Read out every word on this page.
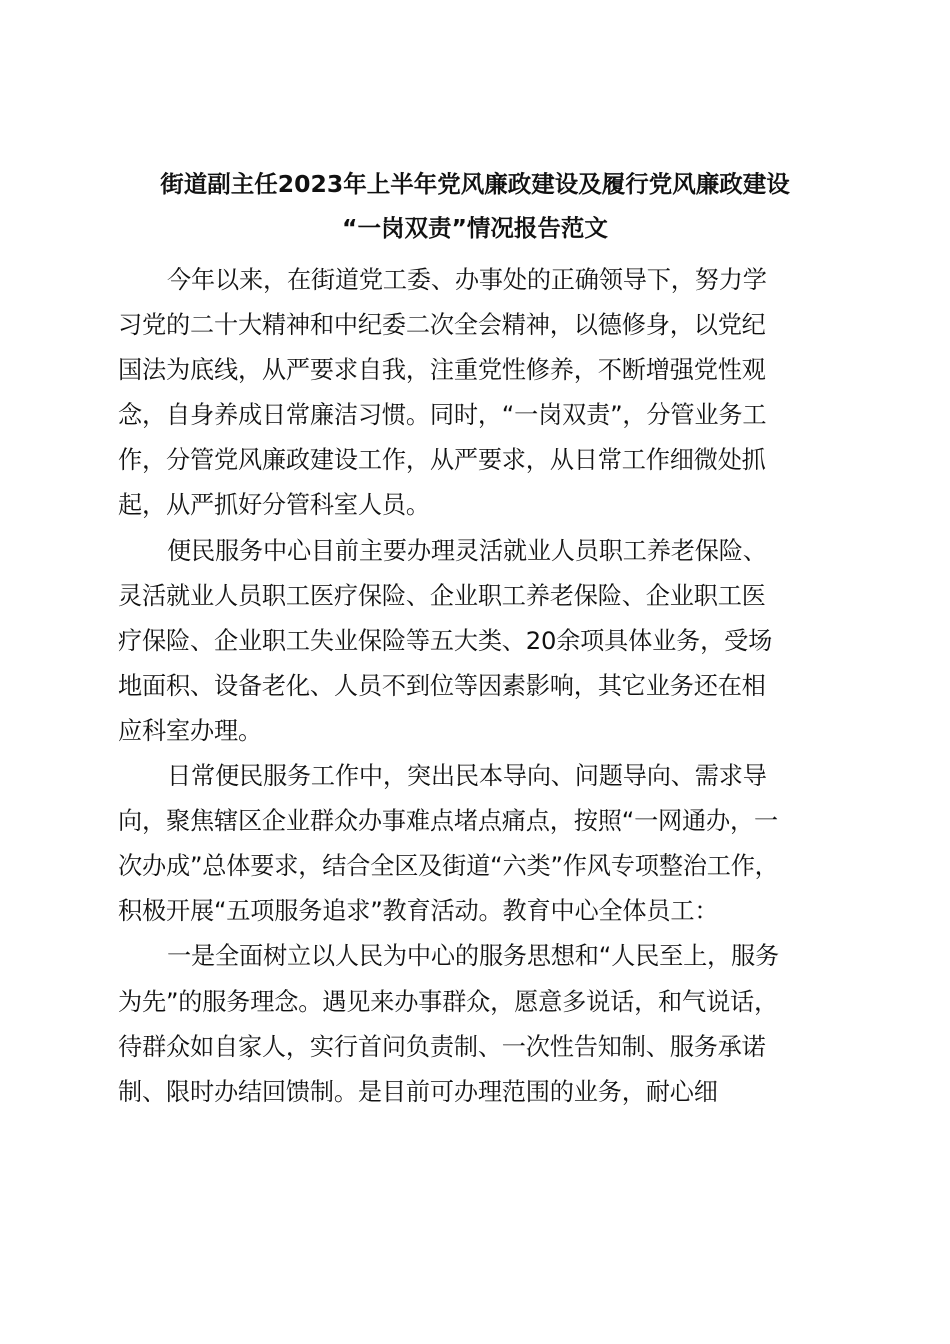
街道副主任2023年上半年党风廉政建设及履行党风廉政建设
“一岗双责”情况报告范文
今年以来，在街道党工委、办事处的正确领导下，努力学
习党的二十大精神和中纪委二次全会精神，以德修身，以党纪
国法为底线，从严要求自我，注重党性修养，不断增强党性观
念，自身养成日常廉洁习惯。同时，“一岗双责”，分管业务工
作，分管党风廉政建设工作，从严要求，从日常工作细微处抓
起，从严抓好分管科室人员。
便民服务中心目前主要办理灵活就业人员职工养老保险、
灵活就业人员职工医疗保险、企业职工养老保险、企业职工医
疗保险、企业职工失业保险等五大类、20余项具体业务，受场
地面积、设备老化、人员不到位等因素影响，其它业务还在相
应科室办理。
日常便民服务工作中，突出民本导向、问题导向、需求导
向，聚焦辖区企业群众办事难点堵点痛点，按照“一网通办，一
次办成”总体要求，结合全区及街道“六类”作风专项整治工作，
积极开展“五项服务追求”教育活动。教育中心全体员工：
一是全面树立以人民为中心的服务思想和“人民至上，服务
为先”的服务理念。遇见来办事群众，愿意多说话，和气说话，
待群众如自家人，实行首问负责制、一次性告知制、服务承诺
制、限时办结回馈制。是目前可办理范围的业务，耐心细
